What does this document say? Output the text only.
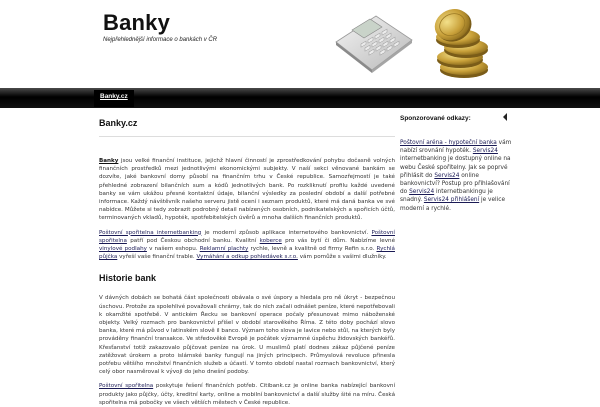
Banky
Nejpřehlednější informace o bankách v ČR
Banky.cz
Banky.cz

Banky jsou velké finanční instituce, jejichž hlavní činností je zprostředkování pohybu dočasně volných finančních prostředků mezi jednotlivými ekonomickými subjekty. V naší sekci věnované bankám se dozvíte, jaké bankovní domy působí na finančním trhu v České republice. Samozřejmostí je také přehledné zobrazení bilančních sum a kódů jednotlivých bank. Po rozkliknutí profilu každé uvedené banky se vám ukážou přesné kontaktní údaje, bilanční výsledky za poslední období a další potřebné informace. Každý návštěvník našeho serveru jistě ocení i seznam produktů, které má daná banka ve své nabídce. Můžete si tedy zobrazit podrobný detail nabízených osobních, podnikatelských a spořicích účtů, terminovaných vkladů, hypoték, spotřebitelských úvěrů a mnoha dalších finančních produktů.

Poštovní spořitelna internetbanking je moderní způsob aplikace internetového bankovnictví. Poštovní spořitelna patří pod Českou obchodní banku. Kvalitní koberce pro vás bytí či dům. Nabízíme levné vinylové podlahy v našem eshopu. Reklamní plachty rychle, levně a kvalitně od firmy Refin s.r.o. Rychlá půjčka vyřeší vaše finanční trable. Vymáhání a odkup pohledávek s.r.o. vám pomůže s vašimi dlužníky.

Historie bank

V dávných dobách se bohatá část společnosti obávala o své úspory a hledala pro ně úkryt - bezpečnou úschovu. Protože za spolehlivé považovali chrámy, tak do nich začali odnášet peníze, které nepotřebovali k okamžité spotřebě. V antickém Řecku se bankovní operace počaly přesunovat mimo náboženské objekty. Velký rozmach pro bankovnictví přišel v období starověkého Říma. Z této doby pochází slovo banka, které má původ v latinském slově il banco. Význam toho slova je lavice nebo stůl, na kterých byly prováděny finanční transakce. Ve středověké Evropě je počátek významné úspěchu židovských bankéřů. Křesťanství totiž zakazovalo půjčovat peníze na úrok. U muslimů platí dodnes zákaz půjčené peníze zatěžovat úrokem a proto islámské banky fungují na jiných principech. Průmyslová revoluce přinesla potřebu většího množství finančních služeb a účastí. V tomto období nastal rozmach bankovnictví, který celý obor nasměroval k vývoji do jeho dnešní podoby.

Poštovní spořitelna poskytuje řešení finančních potřeb. Citibank.cz je online banka nabízející bankovní produkty jako půjčky, účty, kreditní karty, online a mobilní bankovnictví a další služby šité na míru. Česká spořitelna má pobočky ve všech větších městech v České republice.

Sponzorované odkazy:

Poštovní aréna - hypoteční banka vám nabízí srovnání hypoték. Servis24 internetbanking je dostupný online na webu České spořitelny. Jak se poprvé přihlásit do Servis24 online bankovnictví? Postup pro přihlašování do Servis24 internetbankingu je snadný. Servis24 přihlášení je velice moderní a rychlé.
